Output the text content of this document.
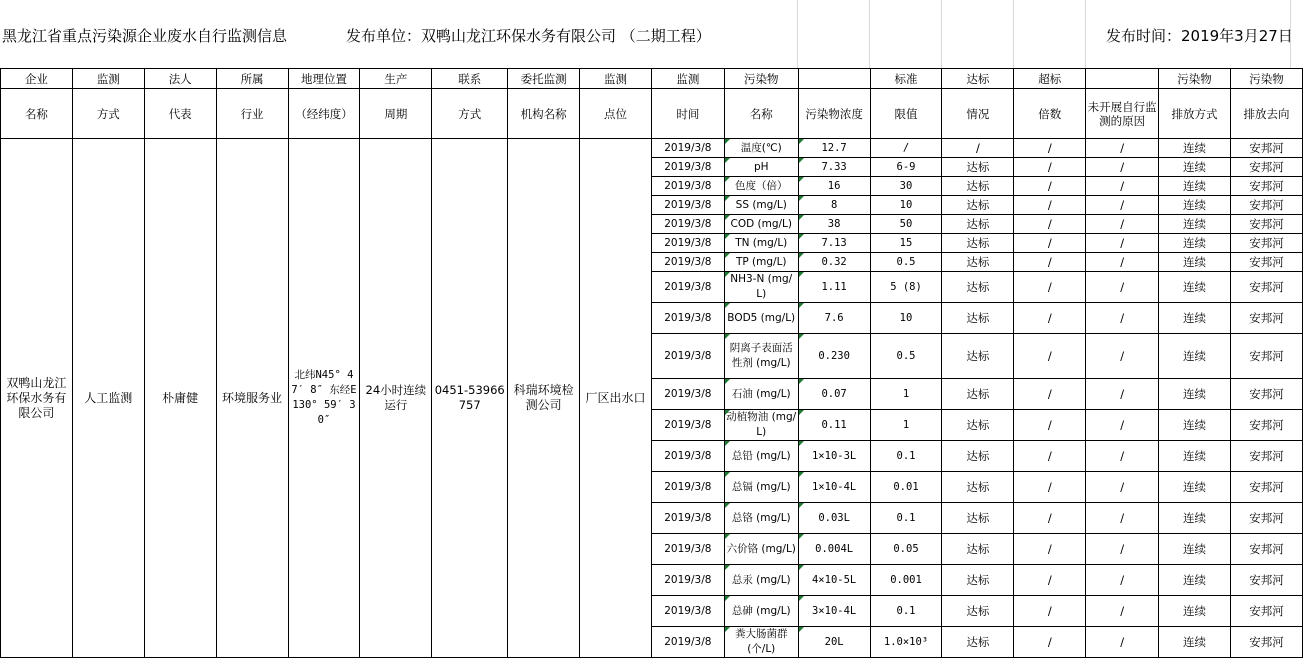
黑龙江省重点污染源企业废水自行监测信息	发布单位：双鸭山龙江环保水务有限公司 （二期工程）	发布时间：2019年3月27日
企业	监测	法人	所属	地理位置	生产	联系	委托监测	监测	监测	污染物		标准	达标	超标		污染物	污染物
名称	方式	代表	行业	（经纬度）	周期	方式	机构名称	点位	时间	名称	污染物浓度	限值	情况	倍数	未开展自行监测的原因	排放方式	排放去向
双鸭山龙江环保水务有限公司	人工监测	朴庸健	环境服务业	北纬N45° 47′ 8″ 东经E130° 59′ 30″	24小时连续运行	0451-53966757	科瑞环境检测公司	厂区出水口	2019/3/8	温度(℃)	12.7	/	/	/	/	连续	安邦河
									2019/3/8	pH	7.33	6-9	达标	/	/	连续	安邦河
									2019/3/8	色度（倍）	16	30	达标	/	/	连续	安邦河
									2019/3/8	SS (mg/L)	8	10	达标	/	/	连续	安邦河
									2019/3/8	COD (mg/L)	38	50	达标	/	/	连续	安邦河
									2019/3/8	TN (mg/L)	7.13	15	达标	/	/	连续	安邦河
									2019/3/8	TP (mg/L)	0.32	0.5	达标	/	/	连续	安邦河
									2019/3/8	NH3-N (mg/L)	1.11	5 (8)	达标	/	/	连续	安邦河
									2019/3/8	BOD5 (mg/L)	7.6	10	达标	/	/	连续	安邦河
									2019/3/8	阴离子表面活性剂 (mg/L)	0.230	0.5	达标	/	/	连续	安邦河
									2019/3/8	石油 (mg/L)	0.07	1	达标	/	/	连续	安邦河
									2019/3/8	动植物油 (mg/L)	0.11	1	达标	/	/	连续	安邦河
									2019/3/8	总铅 (mg/L)	1×10-3L	0.1	达标	/	/	连续	安邦河
									2019/3/8	总镉 (mg/L)	1×10-4L	0.01	达标	/	/	连续	安邦河
									2019/3/8	总铬 (mg/L)	0.03L	0.1	达标	/	/	连续	安邦河
									2019/3/8	六价铬 (mg/L)	0.004L	0.05	达标	/	/	连续	安邦河
									2019/3/8	总汞 (mg/L)	4×10-5L	0.001	达标	/	/	连续	安邦河
									2019/3/8	总砷 (mg/L)	3×10-4L	0.1	达标	/	/	连续	安邦河
									2019/3/8	粪大肠菌群 (个/L)	20L	1.0×10³	达标	/	/	连续	安邦河
